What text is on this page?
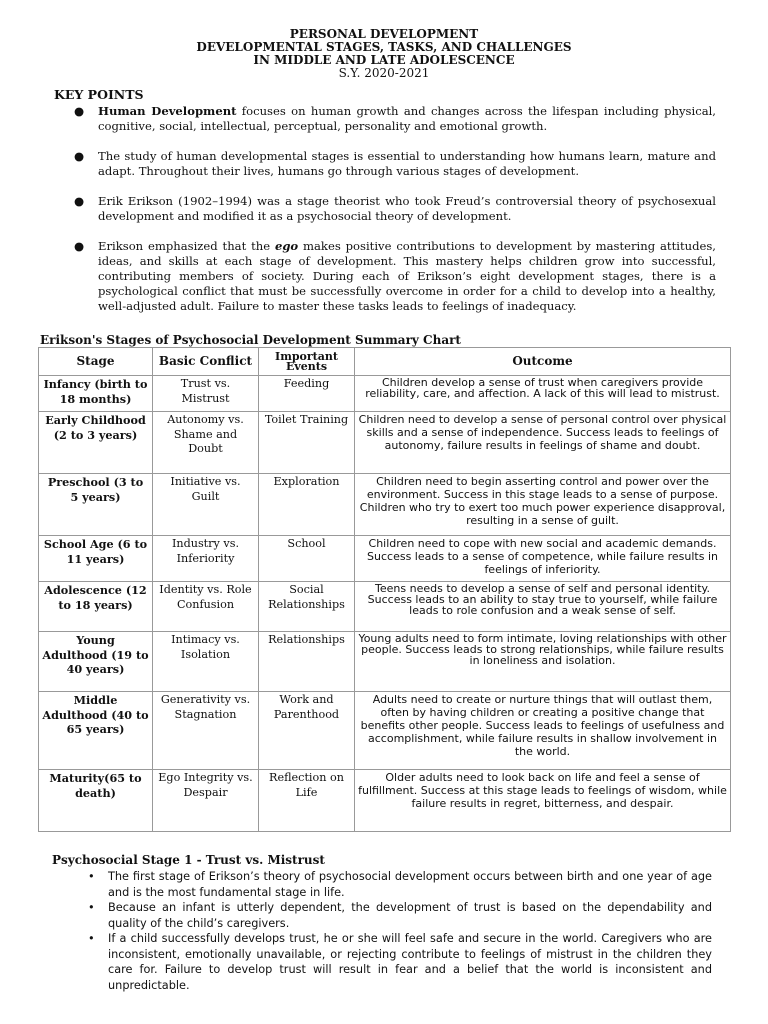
PERSONAL DEVELOPMENT
DEVELOPMENTAL STAGES, TASKS, AND CHALLENGES
IN MIDDLE AND LATE ADOLESCENCE
S.Y. 2020-2021
KEY POINTS
● Human Development focuses on human growth and changes across the lifespan including physical, cognitive, social, intellectual, perceptual, personality and emotional growth.
● The study of human developmental stages is essential to understanding how humans learn, mature and adapt. Throughout their lives, humans go through various stages of development.
● Erik Erikson (1902–1994) was a stage theorist who took Freud’s controversial theory of psychosexual development and modified it as a psychosocial theory of development.
● Erikson emphasized that the ego makes positive contributions to development by mastering attitudes, ideas, and skills at each stage of development. This mastery helps children grow into successful, contributing members of society. During each of Erikson’s eight development stages, there is a psychological conflict that must be successfully overcome in order for a child to develop into a healthy, well-adjusted adult. Failure to master these tasks leads to feelings of inadequacy.
Erikson's Stages of Psychosocial Development Summary Chart
Stage	Basic Conflict	Important Events	Outcome
Infancy (birth to 18 months)	Trust vs. Mistrust	Feeding	Children develop a sense of trust when caregivers provide reliability, care, and affection. A lack of this will lead to mistrust.
Early Childhood (2 to 3 years)	Autonomy vs. Shame and Doubt	Toilet Training	Children need to develop a sense of personal control over physical skills and a sense of independence. Success leads to feelings of autonomy, failure results in feelings of shame and doubt.
Preschool (3 to 5 years)	Initiative vs. Guilt	Exploration	Children need to begin asserting control and power over the environment. Success in this stage leads to a sense of purpose. Children who try to exert too much power experience disapproval, resulting in a sense of guilt.
School Age (6 to 11 years)	Industry vs. Inferiority	School	Children need to cope with new social and academic demands. Success leads to a sense of competence, while failure results in feelings of inferiority.
Adolescence (12 to 18 years)	Identity vs. Role Confusion	Social Relationships	Teens needs to develop a sense of self and personal identity. Success leads to an ability to stay true to yourself, while failure leads to role confusion and a weak sense of self.
Young Adulthood (19 to 40 years)	Intimacy vs. Isolation	Relationships	Young adults need to form intimate, loving relationships with other people. Success leads to strong relationships, while failure results in loneliness and isolation.
Middle Adulthood (40 to 65 years)	Generativity vs. Stagnation	Work and Parenthood	Adults need to create or nurture things that will outlast them, often by having children or creating a positive change that benefits other people. Success leads to feelings of usefulness and accomplishment, while failure results in shallow involvement in the world.
Maturity(65 to death)	Ego Integrity vs. Despair	Reflection on Life	Older adults need to look back on life and feel a sense of fulfillment. Success at this stage leads to feelings of wisdom, while failure results in regret, bitterness, and despair.
Psychosocial Stage 1 - Trust vs. Mistrust
• The first stage of Erikson’s theory of psychosocial development occurs between birth and one year of age and is the most fundamental stage in life.
• Because an infant is utterly dependent, the development of trust is based on the dependability and quality of the child’s caregivers.
• If a child successfully develops trust, he or she will feel safe and secure in the world. Caregivers who are inconsistent, emotionally unavailable, or rejecting contribute to feelings of mistrust in the children they care for. Failure to develop trust will result in fear and a belief that the world is inconsistent and unpredictable.
